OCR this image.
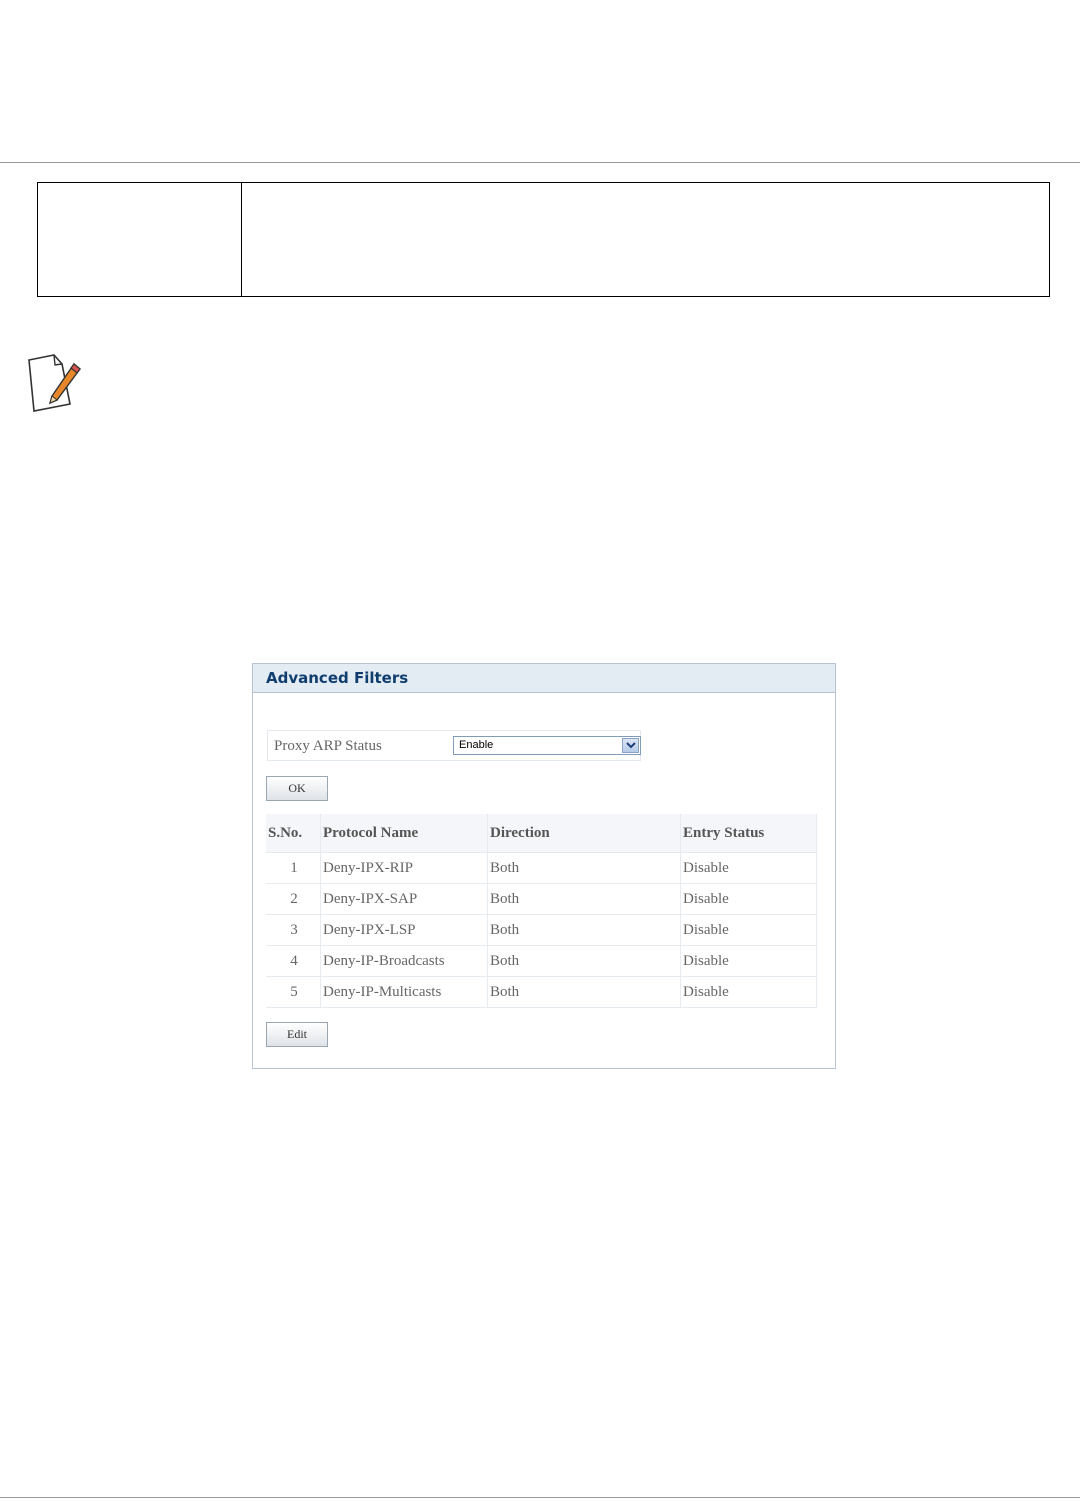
Advanced Filters
Proxy ARP Status	Enable
OK
S.No.	Protocol Name	Direction	Entry Status
1	Deny-IPX-RIP	Both	Disable
2	Deny-IPX-SAP	Both	Disable
3	Deny-IPX-LSP	Both	Disable
4	Deny-IP-Broadcasts	Both	Disable
5	Deny-IP-Multicasts	Both	Disable
Edit
